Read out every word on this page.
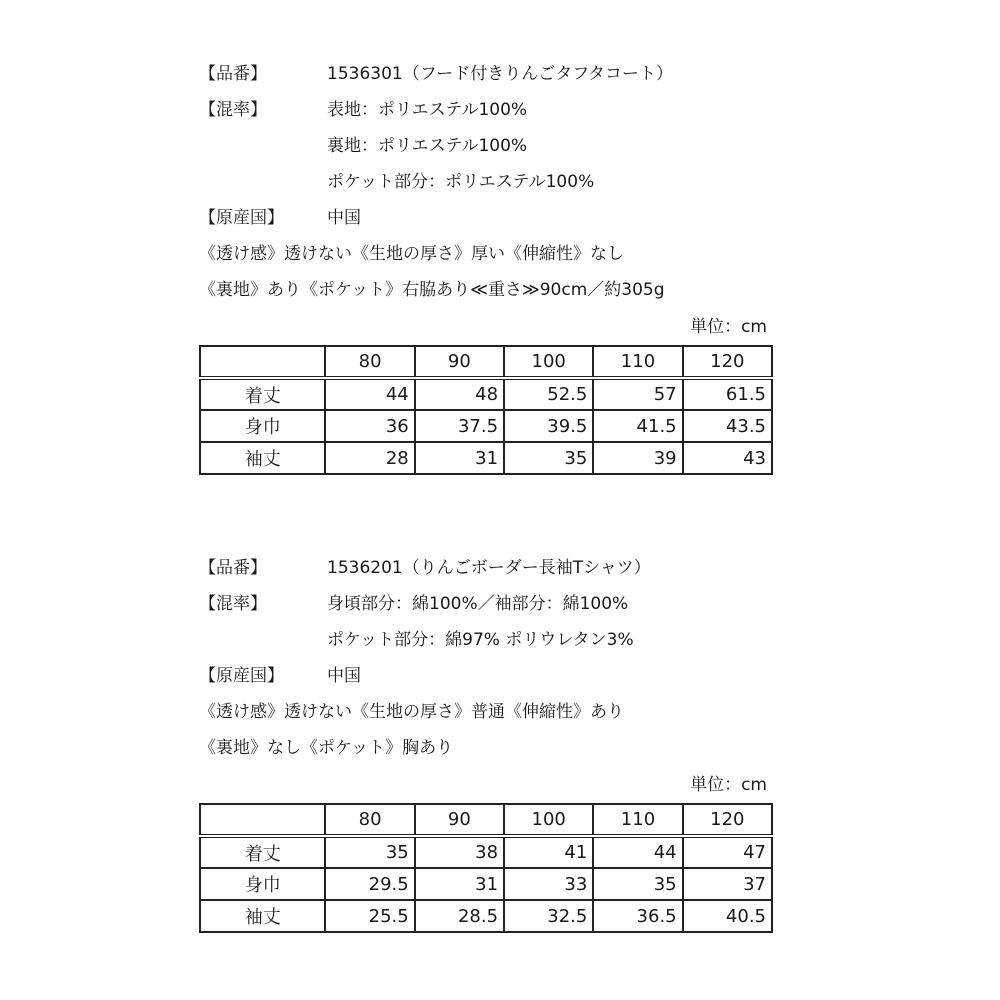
【品番】	1536301（フード付きりんごタフタコート）
【混率】	表地：ポリエステル100%
裏地：ポリエステル100%
ポケット部分：ポリエステル100%
【原産国】	中国
《透け感》透けない《生地の厚さ》厚い《伸縮性》なし
《裏地》あり《ポケット》右脇あり≪重さ≫90cm／約305g
単位：cm
	80	90	100	110	120
着丈	44	48	52.5	57	61.5
身巾	36	37.5	39.5	41.5	43.5
袖丈	28	31	35	39	43
【品番】	1536201（りんごボーダー長袖Tシャツ）
【混率】	身頃部分：綿100%／袖部分：綿100%
ポケット部分：綿97% ポリウレタン3%
【原産国】	中国
《透け感》透けない《生地の厚さ》普通《伸縮性》あり
《裏地》なし《ポケット》胸あり
単位：cm
	80	90	100	110	120
着丈	35	38	41	44	47
身巾	29.5	31	33	35	37
袖丈	25.5	28.5	32.5	36.5	40.5
